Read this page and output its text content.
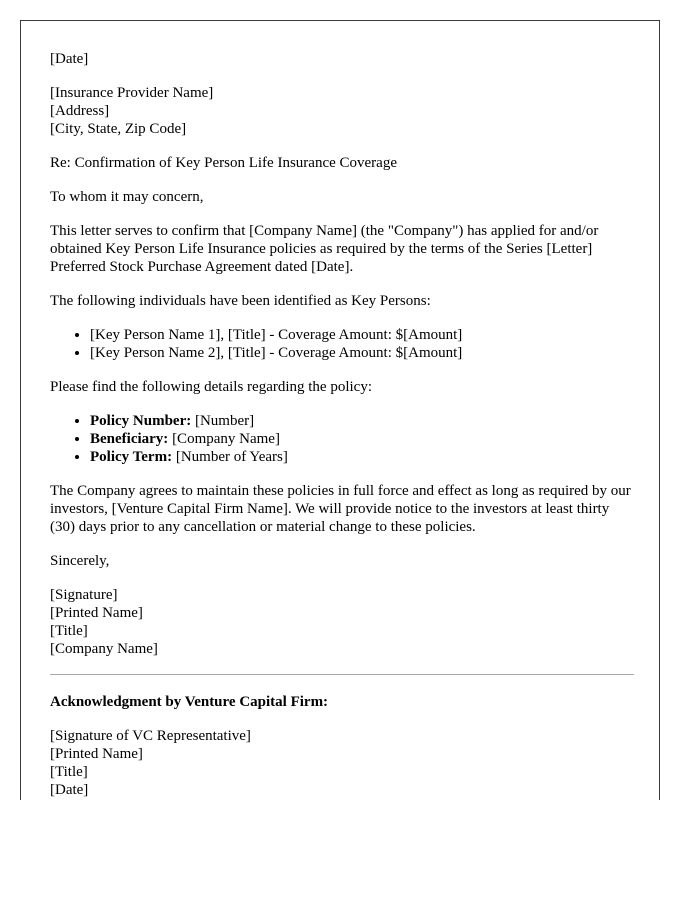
[Date]

[Insurance Provider Name]
[Address]
[City, State, Zip Code]

Re: Confirmation of Key Person Life Insurance Coverage

To whom it may concern,

This letter serves to confirm that [Company Name] (the "Company") has applied for and/or obtained Key Person Life Insurance policies as required by the terms of the Series [Letter] Preferred Stock Purchase Agreement dated [Date].

The following individuals have been identified as Key Persons:

• [Key Person Name 1], [Title] - Coverage Amount: $[Amount]
• [Key Person Name 2], [Title] - Coverage Amount: $[Amount]

Please find the following details regarding the policy:

• Policy Number: [Number]
• Beneficiary: [Company Name]
• Policy Term: [Number of Years]

The Company agrees to maintain these policies in full force and effect as long as required by our investors, [Venture Capital Firm Name]. We will provide notice to the investors at least thirty (30) days prior to any cancellation or material change to these policies.

Sincerely,

[Signature]
[Printed Name]
[Title]
[Company Name]

Acknowledgment by Venture Capital Firm:

[Signature of VC Representative]
[Printed Name]
[Title]
[Date]
